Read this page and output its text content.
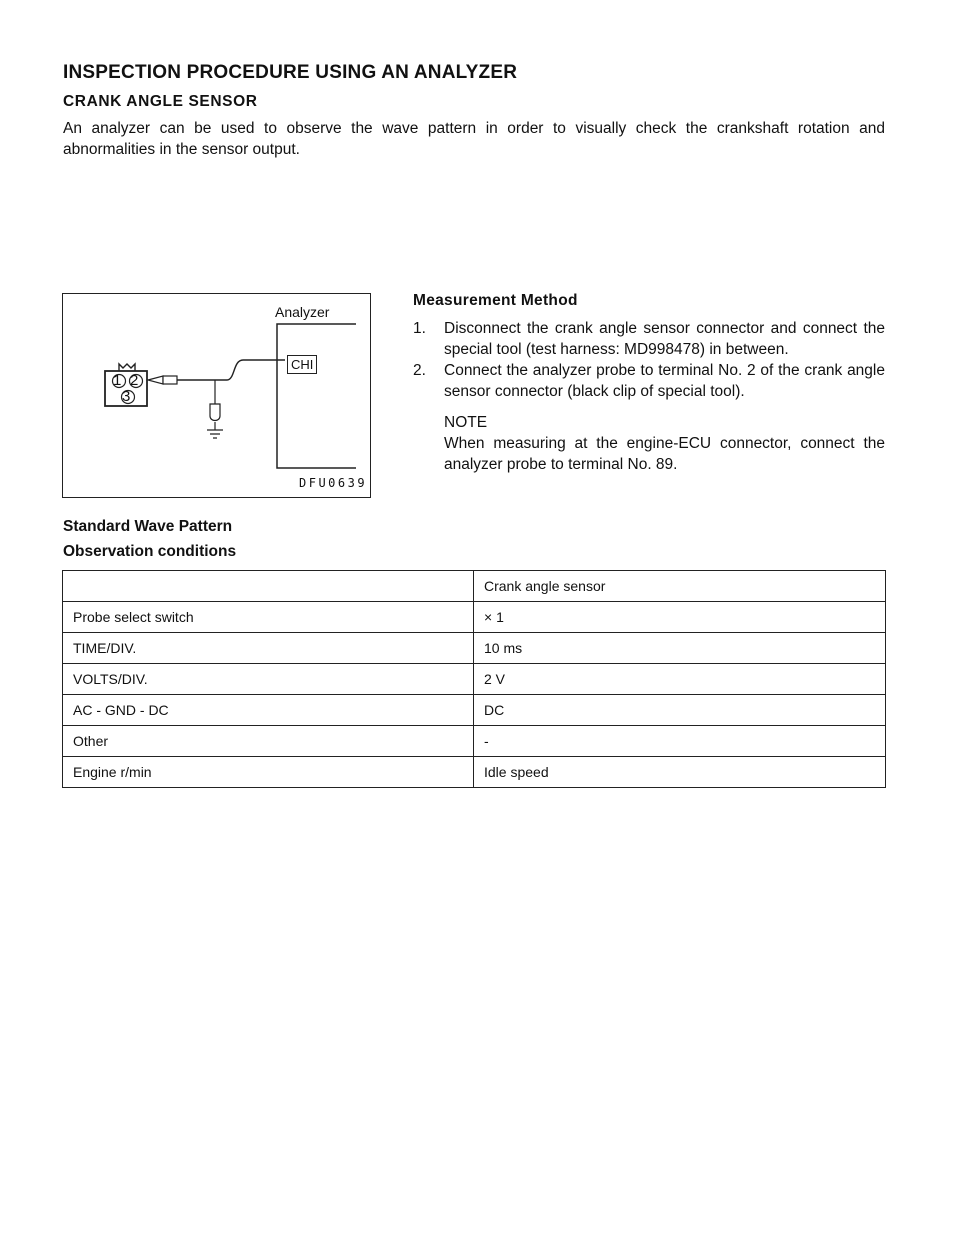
INSPECTION PROCEDURE USING AN ANALYZER
CRANK ANGLE SENSOR
An analyzer can be used to observe the wave pattern in order to visually check the crankshaft rotation and abnormalities in the sensor output.
1 2
3
Analyzer
CHI
DFU0639
Measurement Method
1.	Disconnect the crank angle sensor connector and connect the special tool (test harness: MD998478) in between.
2.	Connect the analyzer probe to terminal No. 2 of the crank angle sensor connector (black clip of special tool).
NOTE
When measuring at the engine-ECU connector, connect the analyzer probe to terminal No. 89.
Standard Wave Pattern
Observation conditions
	Crank angle sensor
Probe select switch	× 1
TIME/DIV.	10 ms
VOLTS/DIV.	2 V
AC - GND - DC	DC
Other	-
Engine r/min	Idle speed
